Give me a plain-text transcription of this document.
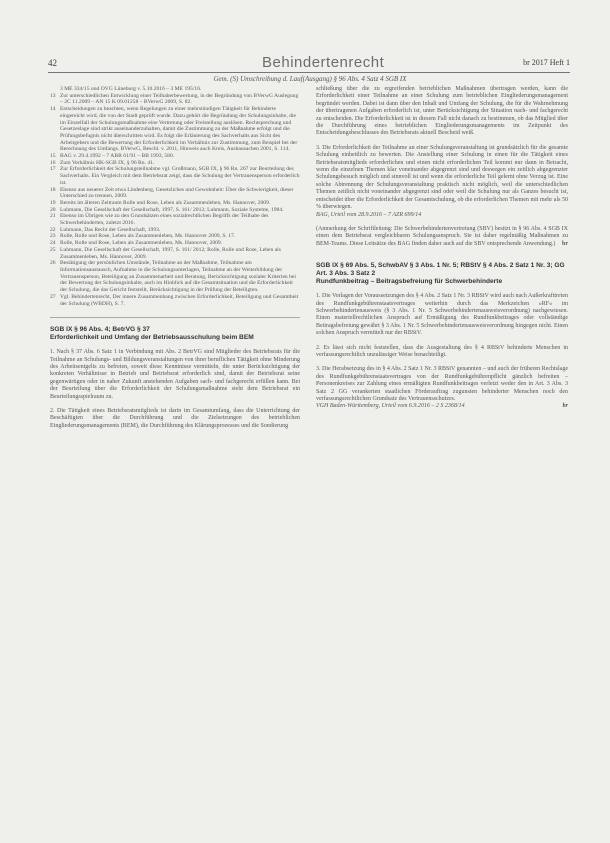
42	Behindertenrecht	br 2017 Heft 1
Gem. (S) Umschreibung d. Lauf(Ausgang) § 96 Abs. 4 Satz 4 SGB IX

3 ME 334/15 und OVG Lüneburg v. 5.10.2016 – 3 ME 195/16.

13 Zur unterschiedlichen Entwicklung einer Teilhaberbewertung, in der Begründung von BVerwG Auslegung – 2C 11.2009 – AN 15 K 09.01258 – BVerwG 2009, S. 82.

14 Entscheidungen zu beachten, wenn Regelungen zu einer mehrstündigen Tätigkeit für Behinderte eingereicht wird, die von der Stadt geprüft wurde. Dazu gehört die Begründung der Schulungsinhalte, die im Einzelfall der Schulungsmaßnahme eine Vertretung oder Freistellung auslösen. Rechtsprechung und Gesetzeslage sind strikt auseinanderzuhalten, damit die Zustimmung zu der Maßnahme erfolgt und die Prüfungsbefugnis nicht überschritten wird. Es folgt die Erläuterung des Sachverhalts aus Sicht des Arbeitgebers und die Bewertung der Erforderlichkeit im Verhältnis zur Zustimmung, zum Beispiel bei der Berechnung des Umfangs. BVerwG, Beschl. v. 2011, Hinweis auch Kreis, Ausbausachen 2001, S. 114.

15 BAG v. 29.4.1992 – 7 ABR 61/91 – BB 1993, 580.

16 Zum Verhältnis HK-SGB IX, § 96 Rn. 41.

17 Zur Erforderlichkeit der Schulungsteilnahme vgl. Großmann, SGB IX, § 96 Rn. 267 zur Beurteilung des Sachverhalts. Ein Vergleich mit dem Betriebsrat zeigt, dass die Schulung der Vertrauensperson erforderlich ist.

18 Ebenso aus neuerer Zeit etwa Lindenberg, Gesetzliches und Gewohnheit: Über die Schwierigkeit, dieser Unterschied zu trennen, 2009.

19 Bereits im älteren Zeitraum Rolle und Rose, Leben als Zusammenleben, Ms. Hannover, 2009.

20 Luhmann, Die Gesellschaft der Gesellschaft, 1997, S. 161/ 2012; Luhmann, Soziale Systeme, 1984.

21 Ebenso im Übrigen wie zu den Grundsätzen eines sozialrechtlichen Begriffs der Teilhabe des Schwerbehinderten, zuletzt 2016.

22 Luhmann, Das Recht der Gesellschaft, 1993.

23 Rolle, Rolle und Rose, Leben als Zusammenleben, Ms. Hannover 2009, S. 17.

24 Rolle, Rolle und Rose, Leben als Zusammenleben, Ms. Hannover, 2009.

25 Luhmann, Die Gesellschaft der Gesellschaft, 1997, S. 161/ 2012; Rolle, Rolle und Rose, Leben als Zusammenleben, Ms. Hannover, 2009.

26 Bestätigung der persönlichen Umstände, Teilnahme an der Maßnahme, Teilnahme am Informationsaustausch, Aufnahme in die Schulungsunterlagen, Teilnahme an der Weiterbildung der Vertrauensperson, Beteiligung an Zusammenarbeit und Beratung, Berücksichtigung sozialer Kriterien bei der Bewertung der Schulungsinhalte, auch im Hinblick auf die Gesamtsituation und die Erforderlichkeit der Schulung, die das Gericht feststellt, Berücksichtigung in der Prüfung der Beteiligten.

27 Vgl. Behindertenrecht, Der innere Zusammenhang zwischen Erforderlichkeit, Beteiligung und Gesamtheit der Schulung (WBDH), S. 7.

SGB IX § 96 Abs. 4; BetrVG § 37
Erforderlichkeit und Umfang der Betriebsausschulung beim BEM

1. Nach § 37 Abs. 6 Satz 1 in Verbindung mit Abs. 2 BetrVG sind Mitglieder des Betriebsrats für die Teilnahme an Schulungs- und Bildungsveranstaltungen von ihrer beruflichen Tätigkeit ohne Minderung des Arbeitsentgelts zu befreien, soweit diese Kenntnisse vermitteln, die unter Berücksichtigung der konkreten Verhältnisse in Betrieb und Betriebsrat erforderlich sind, damit der Betriebsrat seine gegenwärtigen oder in naher Zukunft anstehenden Aufgaben sach- und fachgerecht erfüllen kann. Bei der Beurteilung über die Erforderlichkeit der Schulungsmaßnahme steht dem Betriebsrat ein Beurteilungsspielraum zu.

2. Die Tätigkeit eines Betriebsratsmitglieds ist darin im Gesamtumfang, dass die Unterrichtung der Beschäftigten über die Durchführung und die Zielsetzungen des betrieblichen Eingliederungsmanagements (BEM), die Durchführung des Klärungsprozesses und die Sondierung

schließung über die zu ergreifenden betrieblichen Maßnahmen übertragen werden, kann die Erforderlichkeit einer Teilnahme an einer Schulung zum betrieblichen Eingliederungsmanagement begründet werden. Dabei ist dann über den Inhalt und Umfang der Schulung, die für die Wahrnehmung der übertragenen Aufgaben erforderlich ist, unter Berücksichtigung der Situation nach- und fachgerecht zu entscheiden. Die Erforderlichkeit ist in diesem Fall nicht danach zu bestimmen, ob das Mitglied über die Durchführung eines betrieblichen Eingliederungsmanagements im Zeitpunkt des Entscheidungsbeschlusses des Betriebsrats aktuell Bescheid weiß.

3. Die Erforderlichkeit der Teilnahme an einer Schulungsveranstaltung ist grundsätzlich für die gesamte Schulung einheitlich zu bewerten. Die Anstellung einer Schulung in einen für die Tätigkeit eines Betriebsratsmitglieds erforderlichen und einen nicht erforderlichen Teil kommt nur dann in Betracht, wenn die einzelnen Themen klar voneinander abgegrenzt sind und deswegen ein zeitlich abgegrenzter Schulungsbesuch möglich und sinnvoll ist und wenn die erforderliche Teil gelernt ohne Verzug ist. Eine solche Abtrennung der Schulungsveranstaltung praktisch nicht möglich, weil die unterschiedlichen Themen zeitlich nicht voneinander abgegrenzt sind oder weil die Schulung nur als Ganzes besucht ist, entscheidet über die Erforderlichkeit der Gesamtschulung, ob die erforderlichen Themen mit mehr als 50 % überwiegen.

BAG, Urteil vom 28.9.2016 – 7 AZR 699/14

(Anmerkung der Schriftleitung: Die Schwerbehindertenvertretung (SBV) besitzt in § 96 Abs. 4 SGB IX einen dem Betriebsrat vergleichbaren Schulungsanspruch. Sie ist daher regelmäßig Maßnahmen zu BEM-Teams. Diese Leitsätze des BAG finden daher auch auf die SBV entsprechende Anwendung.) br

SGB IX § 69 Abs. 5, SchwbAV § 3 Abs. 1 Nr. 5; RBStV § 4 Abs. 2 Satz 1 Nr. 3; GG Art. 3 Abs. 3 Satz 2
Rundfunkbeitrag – Beitragsbefreiung für Schwerbehinderte

1. Die Vorlagen der Voraussetzungen des § 4 Abs. 2 Satz 1 Nr. 3 RBStV wird auch nach Außerkrafttreten des Rundfunkgebührenstaatsvertrages weiterhin durch das Merkzeichen »RF« im Schwerbehindertenausweis (§ 3 Abs. 1 Nr. 5 Schwerbehindertenausweisverordnung) nachgewiesen. Einen materiellrechtlichen Anspruch auf Ermäßigung des Rundfunkbeitrages oder vollständige Beitragsbefreiung gewährt § 3 Abs. 1 Nr. 5 Schwerbehindertenausweisverordnung hingegen nicht. Einen solchen Anspruch vermittelt nur der RBStV.

2. Es lässt sich nicht feststellen, dass die Ausgestaltung des § 4 RBStV behinderte Menschen in verfassungsrechtlich unzulässiger Weise benachteiligt.

3. Die Herabsetzung des in § 4 Abs. 2 Satz 1 Nr. 3 RBStV genannten – und auch der früheren Rechtslage des Rundfunkgebührenstaatsvertrages von der Rundfunkgebührenpflicht gänzlich befreiten – Personenkreises zur Zahlung eines ermäßigten Rundfunkbeitrages verletzt weder den in Art. 3 Abs. 3 Satz 2 GG verankerten staatlichen Förderauftrag zugunsten behinderter Menschen noch den verfassungsrechtlichen Grundsatz des Vertrauensschutzes.

VGH Baden-Württemberg, Urteil vom 6.9.2016 – 2 S 2368/14	br
